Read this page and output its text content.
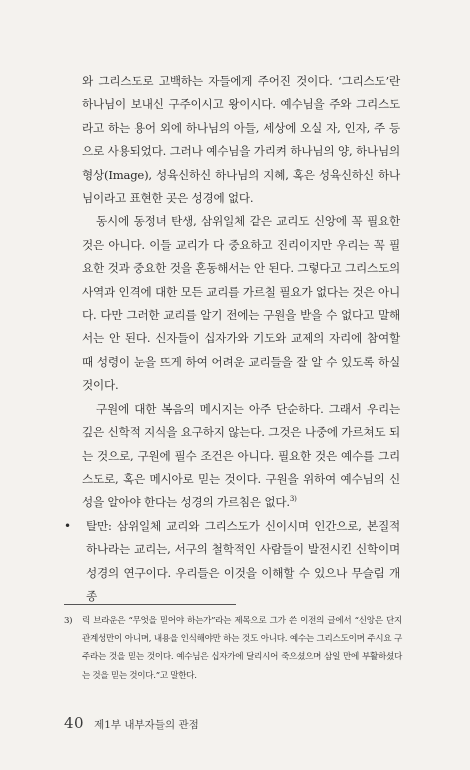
와 그리스도로 고백하는 자들에게 주어진 것이다. ‘그리스도’란 하나님이 보내신 구주이시고 왕이시다. 예수님을 주와 그리스도라고 하는 용어 외에 하나님의 아들, 세상에 오실 자, 인자, 주 등으로 사용되었다. 그러나 예수님을 가리켜 하나님의 양, 하나님의 형상(Image), 성육신하신 하나님의 지혜, 혹은 성육신하신 하나님이라고 표현한 곳은 성경에 없다.

동시에 동정녀 탄생, 삼위일체 같은 교리도 신앙에 꼭 필요한 것은 아니다. 이들 교리가 다 중요하고 진리이지만 우리는 꼭 필요한 것과 중요한 것을 혼동해서는 안 된다. 그렇다고 그리스도의 사역과 인격에 대한 모든 교리를 가르칠 필요가 없다는 것은 아니다. 다만 그러한 교리를 알기 전에는 구원을 받을 수 없다고 말해서는 안 된다. 신자들이 십자가와 기도와 교제의 자리에 참여할 때 성령이 눈을 뜨게 하여 어려운 교리들을 잘 알 수 있도록 하실 것이다.

구원에 대한 복음의 메시지는 아주 단순하다. 그래서 우리는 깊은 신학적 지식을 요구하지 않는다. 그것은 나중에 가르쳐도 되는 것으로, 구원에 필수 조건은 아니다. 필요한 것은 예수를 그리스도로, 혹은 메시아로 믿는 것이다. 구원을 위하여 예수님의 신성을 알아야 한다는 성경의 가르침은 없다.$^{3)}$

•	탈만: 삼위일체 교리와 그리스도가 신이시며 인간으로, 본질적 하나라는 교리는, 서구의 철학적인 사람들이 발전시킨 신학이며 성경의 연구이다. 우리들은 이것을 이해할 수 있으나 무슬림 개종
3)	릭 브라운은 “무엇을 믿어야 하는가”라는 제목으로 그가 쓴 이전의 글에서 “신앙은 단지 관계성만이 아니며, 내용을 인식해야만 하는 것도 아니다. 예수는 그리스도이며 주시요 구주라는 것을 믿는 것이다. 예수님은 십자가에 달리시어 죽으셨으며 삼일 만에 부활하셨다는 것을 믿는 것이다.”고 말한다.
40 제1부 내부자들의 관점
